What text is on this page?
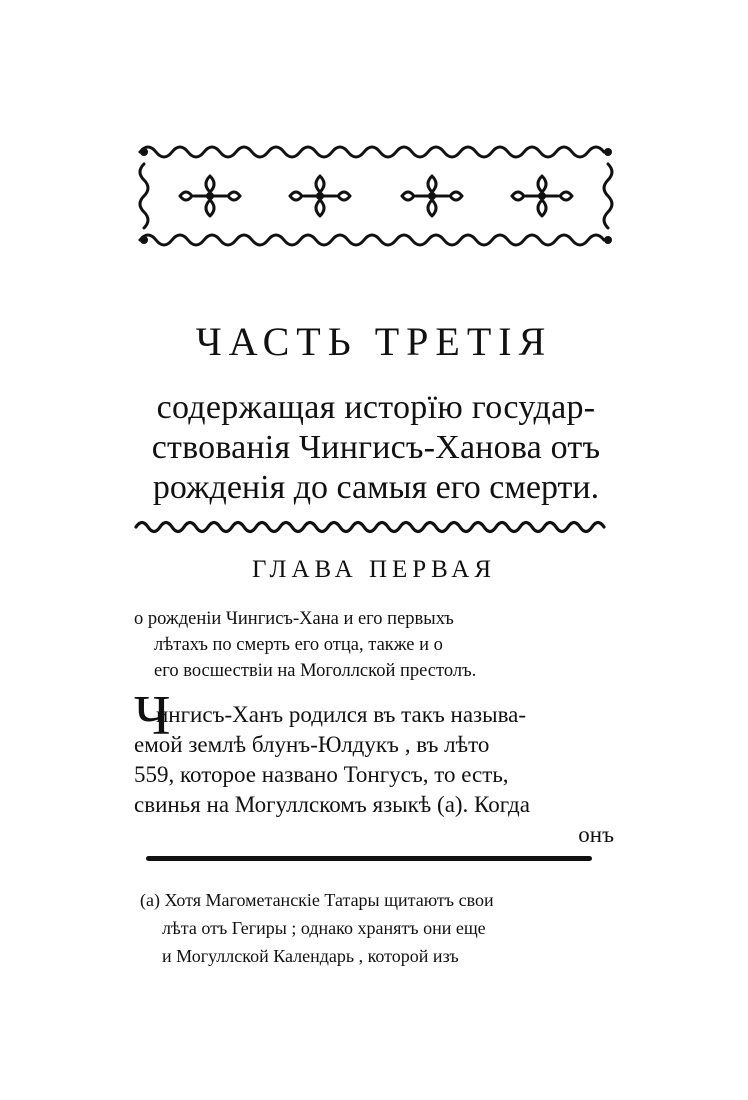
ЧАСТЬ ТРЕТІЯ
содержащая исторїю государ-
ствованія Чингисъ-Ханова отъ
рожденія до самыя его смерти.
ГЛАВА ПЕРВАЯ
о рожденіи Чингисъ-Хана и его первыхъ
лѣтахъ по смерть его отца, также и о
его восшествіи на Моголлской престолъ.
Ч
ингисъ-Ханъ родился въ такъ называ-
емой землѣ блунъ-Юлдукъ , въ лѣто
559, которое названо Тонгусъ, то есть,
свинья на Могуллскомъ языкѣ (a). Когда
онъ
(a) Хотя Магометанскіе Татары щитаютъ свои
лѣта отъ Гегиры ; однако хранятъ они еще
и Могуллской Календарь , которой изъ
